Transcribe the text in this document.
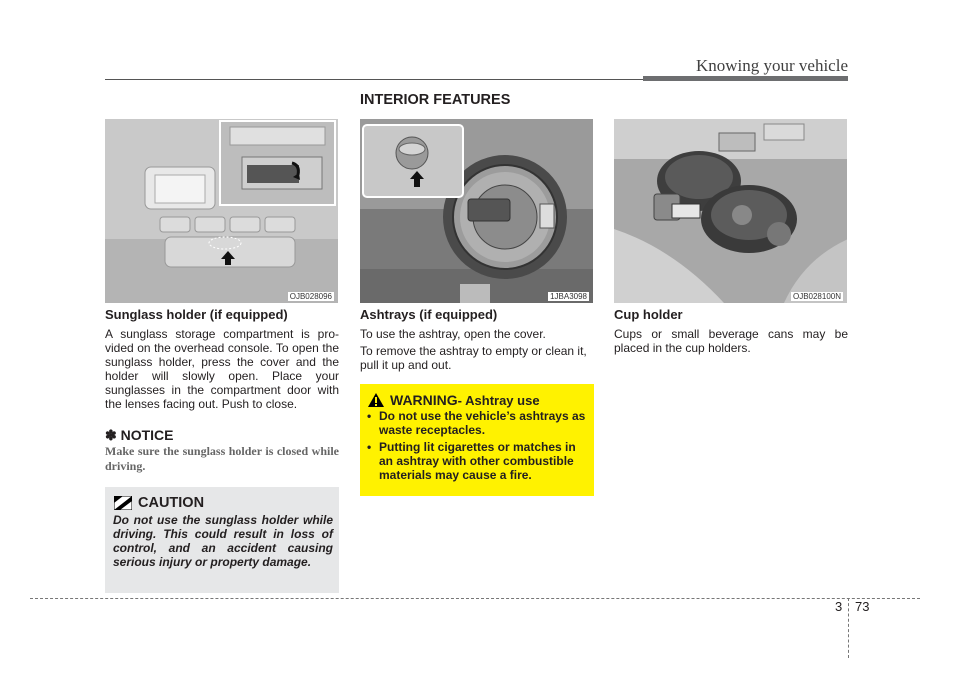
Knowing your vehicle
INTERIOR FEATURES
OJB028096	1JBA3098	OJB028100N
Sunglass holder (if equipped)
A sunglass storage compartment is pro-vided on the overhead console. To open the sunglass holder, press the cover and the holder will slowly open. Place your sunglasses in the compartment door with the lenses facing out. Push to close.
✽ NOTICE
Make sure the sunglass holder is closed while driving.
CAUTION
Do not use the sunglass holder while driving. This could result in loss of control, and an accident causing serious injury or property damage.
Ashtrays (if equipped)
To use the ashtray, open the cover.
To remove the ashtray to empty or clean it, pull it up and out.
WARNING - Ashtray use
• Do not use the vehicle’s ashtrays as waste receptacles.
• Putting lit cigarettes or matches in an ashtray with other combustible materials may cause a fire.
Cup holder
Cups or small beverage cans may be placed in the cup holders.
3 73
